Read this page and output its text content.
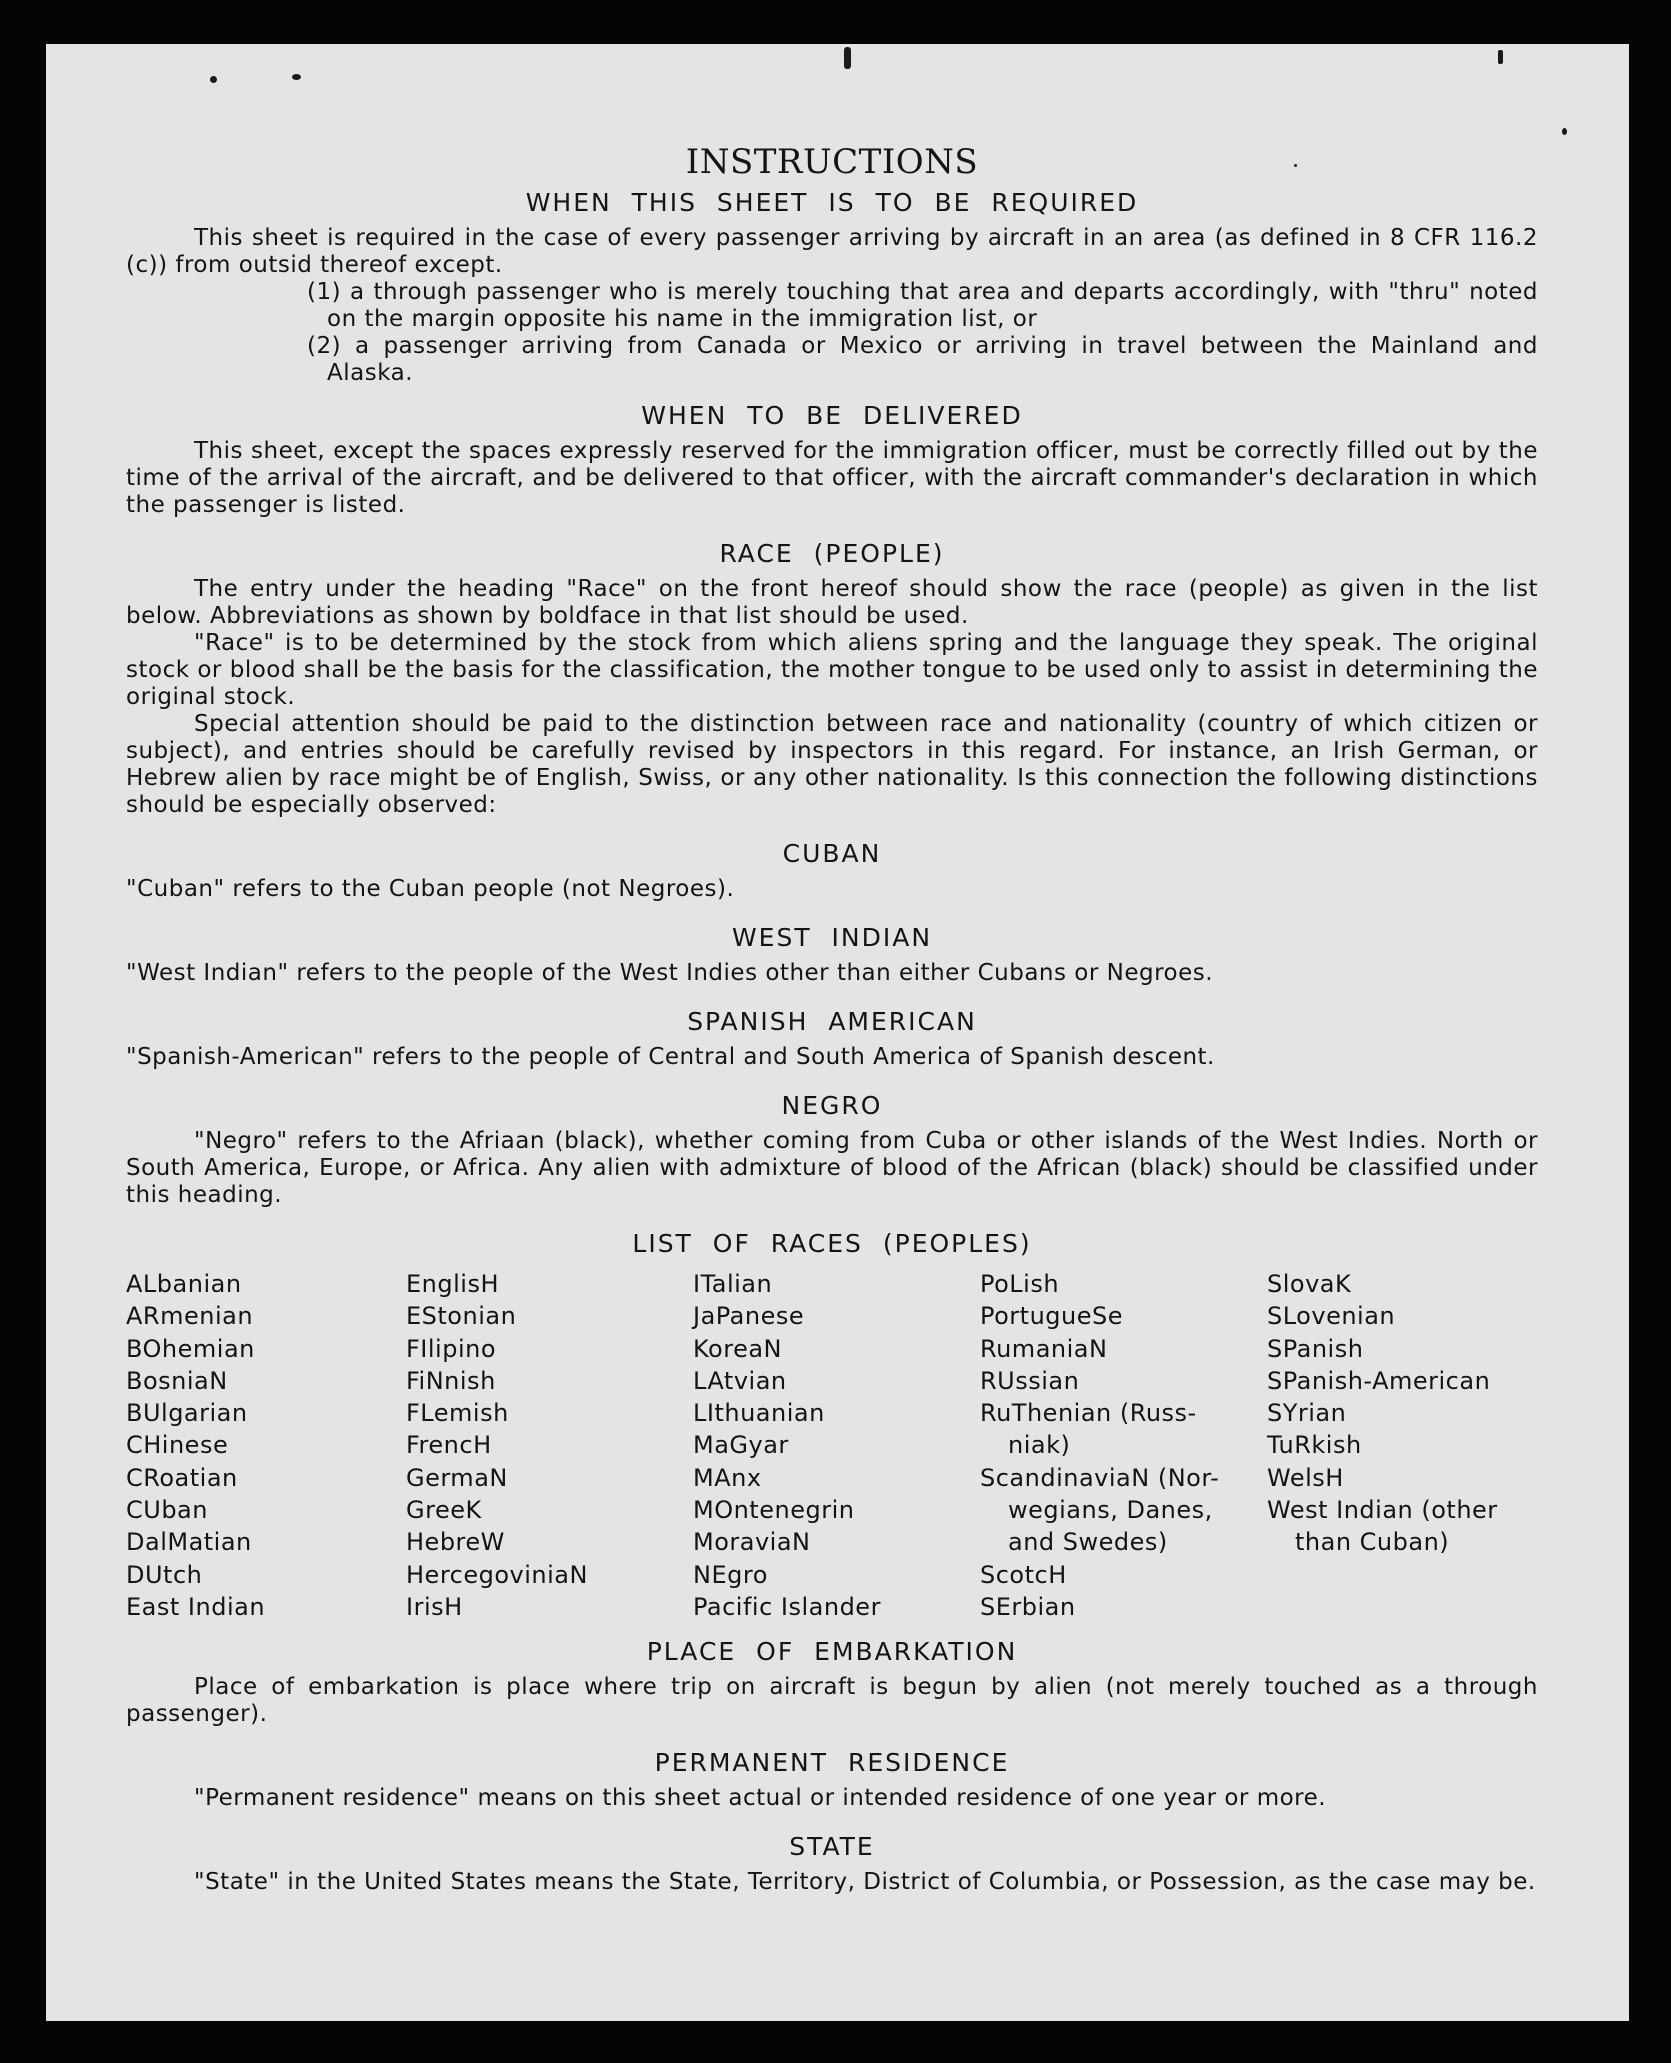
INSTRUCTIONS
WHEN THIS SHEET IS TO BE REQUIRED

This sheet is required in the case of every passenger arriving by aircraft in an area (as defined in 8 CFR 116.2 (c)) from outsid thereof except.

(1) a through passenger who is merely touching that area and departs accordingly, with "thru" noted on the margin opposite his name in the immigration list, or

(2) a passenger arriving from Canada or Mexico or arriving in travel between the Mainland and Alaska.

WHEN TO BE DELIVERED

This sheet, except the spaces expressly reserved for the immigration officer, must be correctly filled out by the time of the arrival of the aircraft, and be delivered to that officer, with the aircraft commander's declaration in which the passenger is listed.

RACE (PEOPLE)

The entry under the heading "Race" on the front hereof should show the race (people) as given in the list below. Abbreviations as shown by boldface in that list should be used.

"Race" is to be determined by the stock from which aliens spring and the language they speak. The original stock or blood shall be the basis for the classification, the mother tongue to be used only to assist in determining the original stock.

Special attention should be paid to the distinction between race and nationality (country of which citizen or subject), and entries should be carefully revised by inspectors in this regard. For instance, an Irish German, or Hebrew alien by race might be of English, Swiss, or any other nationality. Is this connection the following distinctions should be especially observed:

CUBAN

"Cuban" refers to the Cuban people (not Negroes).

WEST INDIAN

"West Indian" refers to the people of the West Indies other than either Cubans or Negroes.

SPANISH AMERICAN

"Spanish-American" refers to the people of Central and South America of Spanish descent.

NEGRO

"Negro" refers to the Afriaan (black), whether coming from Cuba or other islands of the West Indies. North or South America, Europe, or Africa. Any alien with admixture of blood of the African (black) should be classified under this heading.

LIST OF RACES (PEOPLES)
ALbanian
ARmenian
BOhemian
BosniaN
BUlgarian
CHinese
CRoatian
CUban
DalMatian
DUtch
East Indian
EnglisH
EStonian
FIlipino
FiNnish
FLemish
FrencH
GermaN
GreeK
HebreW
HercegoviniaN
IrisH
ITalian
JaPanese
KoreaN
LAtvian
LIthuanian
MaGyar
MAnx
MOntenegrin
MoraviaN
NEgro
Pacific Islander
PoLish
PortugueSe
RumaniaN
RUssian
RuThenian (Russ-
niak)
ScandinaviaN (Nor-
wegians, Danes,
and Swedes)
ScotcH
SErbian
SlovaK
SLovenian
SPanish
SPanish-American
SYrian
TuRkish
WelsH
West Indian (other
than Cuban)
PLACE OF EMBARKATION

Place of embarkation is place where trip on aircraft is begun by alien (not merely touched as a through passenger).

PERMANENT RESIDENCE

"Permanent residence" means on this sheet actual or intended residence of one year or more.

STATE

"State" in the United States means the State, Territory, District of Columbia, or Possession, as the case may be.
